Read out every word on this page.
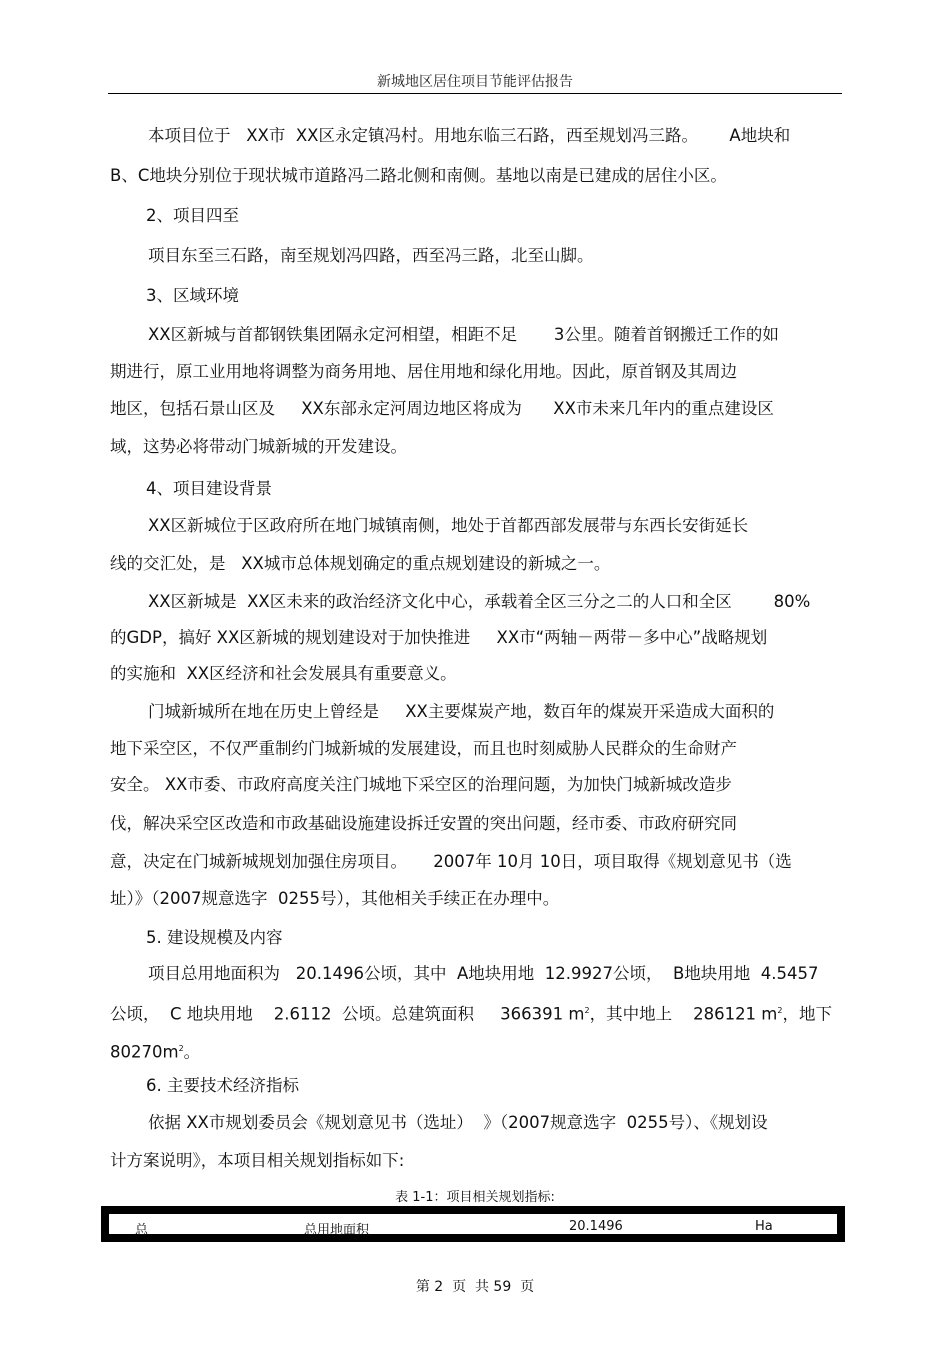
新城地区居住项目节能评估报告
本项目位于   XX市  XX区永定镇冯村。用地东临三石路，西至规划冯三路。      A地块和
B、C地块分别位于现状城市道路冯二路北侧和南侧。基地以南是已建成的居住小区。
2、项目四至
项目东至三石路，南至规划冯四路，西至冯三路，北至山脚。
3、区域环境
XX区新城与首都钢铁集团隔永定河相望，相距不足       3公里。随着首钢搬迁工作的如
期进行，原工业用地将调整为商务用地、居住用地和绿化用地。因此，原首钢及其周边
地区，包括石景山区及     XX东部永定河周边地区将成为      XX市未来几年内的重点建设区
域，这势必将带动门城新城的开发建设。
4、项目建设背景
XX区新城位于区政府所在地门城镇南侧，地处于首都西部发展带与东西长安街延长
线的交汇处，是   XX城市总体规划确定的重点规划建设的新城之一。
XX区新城是  XX区未来的政治经济文化中心，承载着全区三分之二的人口和全区        80%
的GDP，搞好 XX区新城的规划建设对于加快推进     XX市“两轴－两带－多中心”战略规划
的实施和  XX区经济和社会发展具有重要意义。
门城新城所在地在历史上曾经是     XX主要煤炭产地，数百年的煤炭开采造成大面积的
地下采空区，不仅严重制约门城新城的发展建设，而且也时刻威胁人民群众的生命财产
安全。 XX市委、市政府高度关注门城地下采空区的治理问题，为加快门城新城改造步
伐，解决采空区改造和市政基础设施建设拆迁安置的突出问题，经市委、市政府研究同
意，决定在门城新城规划加强住房项目。     2007年 10月 10日，项目取得《规划意见书（选
址）》（2007规意选字  0255号），其他相关手续正在办理中。
5. 建设规模及内容
项目总用地面积为   20.1496公顷，其中  A地块用地  12.9927公顷，  B地块用地  4.5457
公顷，  C 地块用地    2.6112  公顷。总建筑面积     366391 $m^2$，其中地上    286121 $m^2$，地下
$80270m^2$。
6. 主要技术经济指标
依据 XX市规划委员会《规划意见书（选址）  》（2007规意选字  0255号）、《规划设
计方案说明》，本项目相关规划指标如下:
表 1-1：项目相关规划指标:
总	总用地面积	20.1496	Ha
第 2  页  共 59  页
